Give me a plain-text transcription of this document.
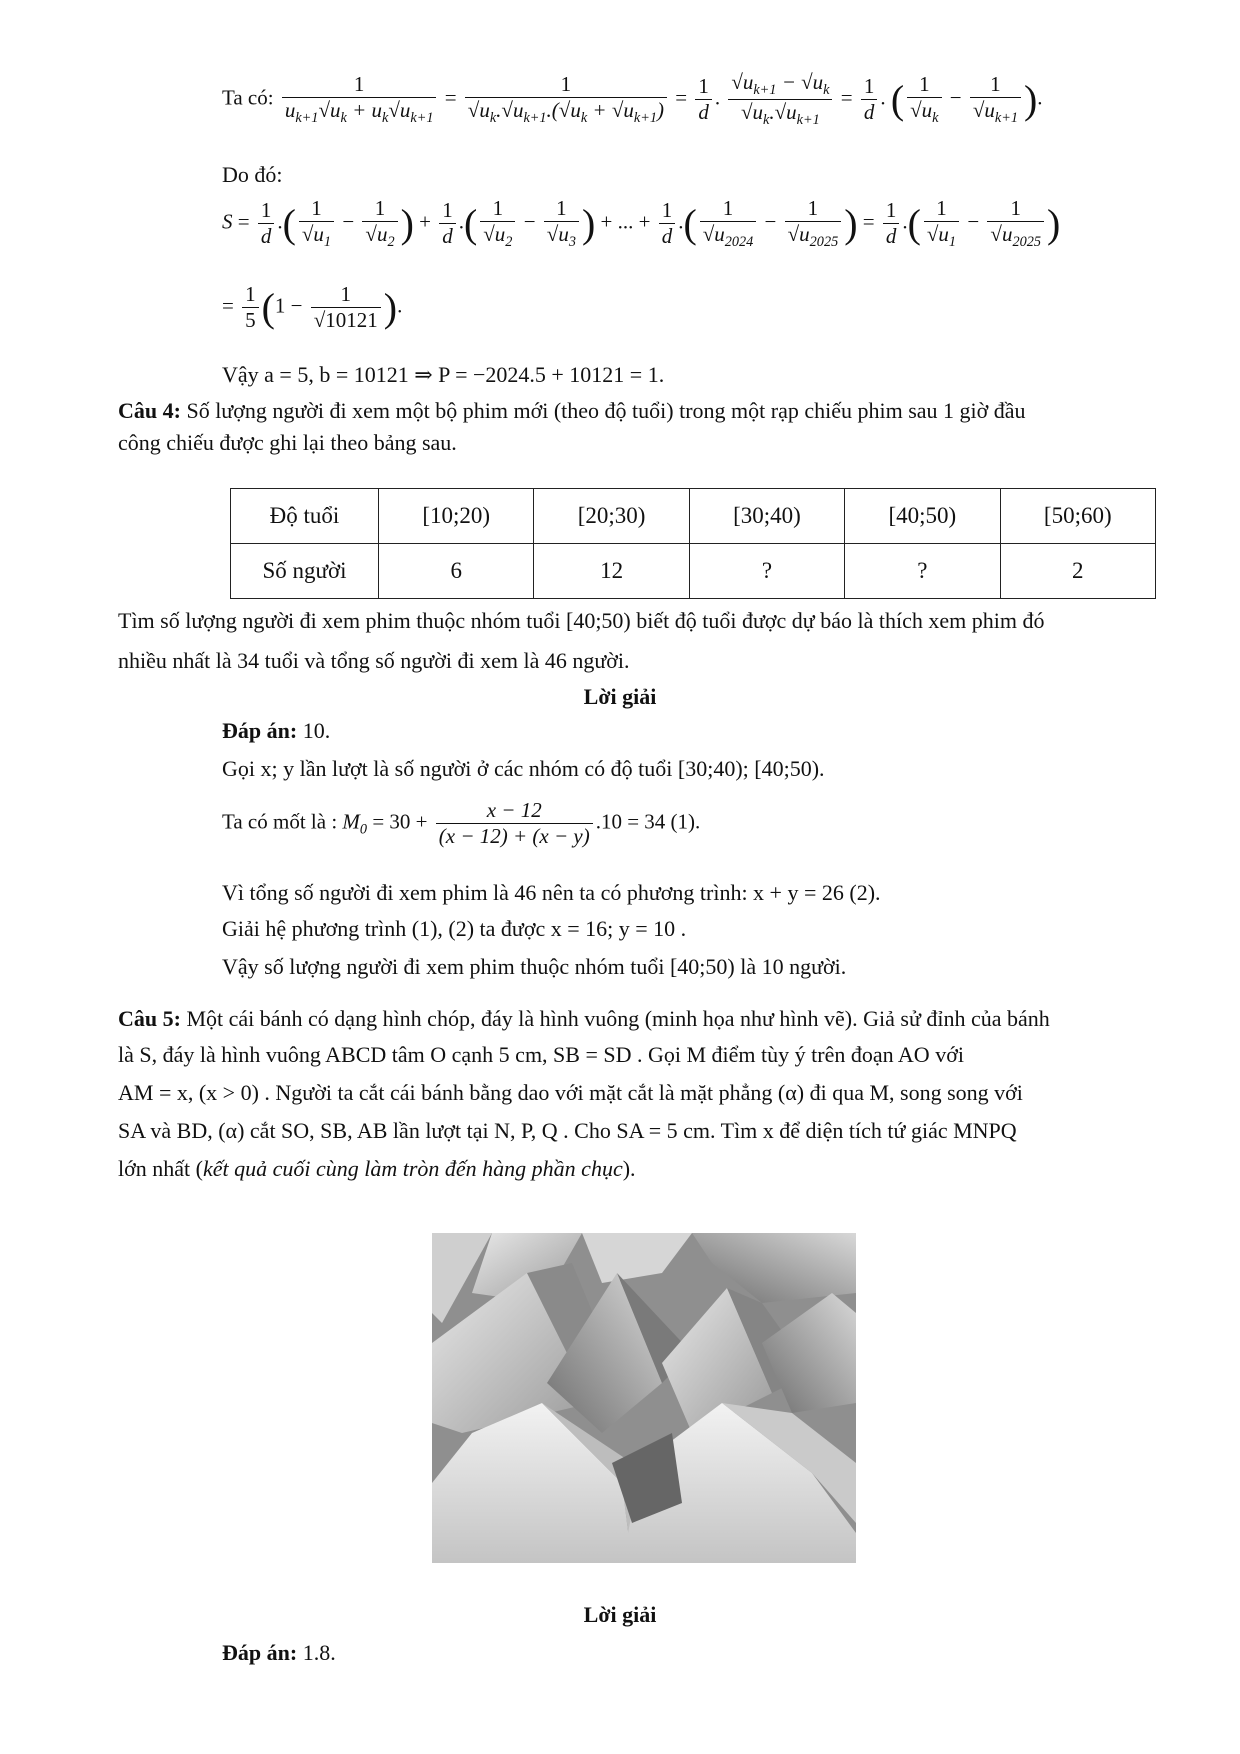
Ta có: $\frac{1}{u_{k+1} √ u_k + u_k √ u_{k+1}} = 1$
√ $u_k$. √ $u_{k+1}$.( √ $u_k$ + √ $u_{k+1}) = \frac{1}{d}$ . √ $u_{k+1}$ − √ $u_k$
√ $u_k$. √ $u_{k+1} = \frac{1}{d}$ . ( 1
√ $u_k - 1$
√ $u_{k+1}$ ).
Do đó:
$S = \frac{1}{d}$ .( 1
√ $u_1 - 1$
√ $u_2$ ) + $\frac{1}{d}$ .( 1
√ $u_2 - 1$
√ $u_3$ ) + ... + $\frac{1}{d}$ .( 1
√ $u_{2024} - 1$
√ $u_{2025}$ ) = $\frac{1}{d}$ .( 1
√ $u_1 - 1$
√ $u_{2025}$ )
= $\frac{1}{5} (1 - 1$
√ 10121 ).
Vậy a = 5, b = 10121 ⇒ P = −2024.5 + 10121 = 1.
Câu 4: Số lượng người đi xem một bộ phim mới (theo độ tuổi) trong một rạp chiếu phim sau 1 giờ đầu
công chiếu được ghi lại theo bảng sau.
Độ tuổi	[10;20)	[20;30)	[30;40)	[40;50)	[50;60)
Số người	6	12	?	?	2
Tìm số lượng người đi xem phim thuộc nhóm tuổi [40;50) biết độ tuổi được dự báo là thích xem phim đó
nhiều nhất là 34 tuổi và tổng số người đi xem là 46 người.
Lời giải
Đáp án: 10.
Gọi x; y lần lượt là số người ở các nhóm có độ tuổi [30;40); [40;50).
Ta có mốt là : $M_0 = 30 + \frac{x - 12}{(x - 12) + (x - y)} .10 = 34$ (1).
Vì tổng số người đi xem phim là 46 nên ta có phương trình: x + y = 26 (2).
Giải hệ phương trình (1), (2) ta được x = 16; y = 10 .
Vậy số lượng người đi xem phim thuộc nhóm tuổi [40;50) là 10 người.
Câu 5: Một cái bánh có dạng hình chóp, đáy là hình vuông (minh họa như hình vẽ). Giả sử đỉnh của bánh
là S, đáy là hình vuông ABCD tâm O cạnh 5 cm, SB = SD . Gọi M điểm tùy ý trên đoạn AO với
AM = x, (x > 0) . Người ta cắt cái bánh bằng dao với mặt cắt là mặt phẳng (α) đi qua M, song song với
SA và BD, (α) cắt SO, SB, AB lần lượt tại N, P, Q . Cho SA = 5 cm. Tìm x để diện tích tứ giác MNPQ
lớn nhất (kết quả cuối cùng làm tròn đến hàng phần chục).
Lời giải
Đáp án: 1.8.
